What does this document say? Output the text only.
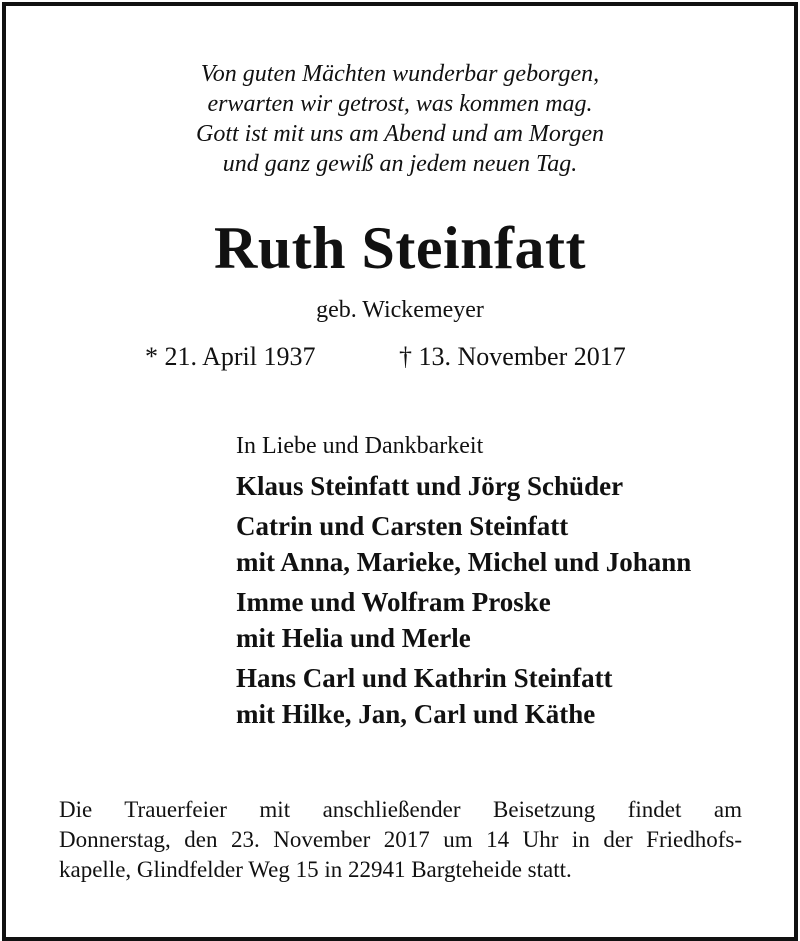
Von guten Mächten wunderbar geborgen,
erwarten wir getrost, was kommen mag.
Gott ist mit uns am Abend und am Morgen
und ganz gewiß an jedem neuen Tag.
Ruth Steinfatt
geb. Wickemeyer
* 21. April 1937	† 13. November 2017
In Liebe und Dankbarkeit
Klaus Steinfatt und Jörg Schüder
Catrin und Carsten Steinfatt
mit Anna, Marieke, Michel und Johann
Imme und Wolfram Proske
mit Helia und Merle
Hans Carl und Kathrin Steinfatt
mit Hilke, Jan, Carl und Käthe
Die Trauerfeier mit anschließender Beisetzung findet am
Donnerstag, den 23. November 2017 um 14 Uhr in der Friedhofs-
kapelle, Glindfelder Weg 15 in 22941 Bargteheide statt.
